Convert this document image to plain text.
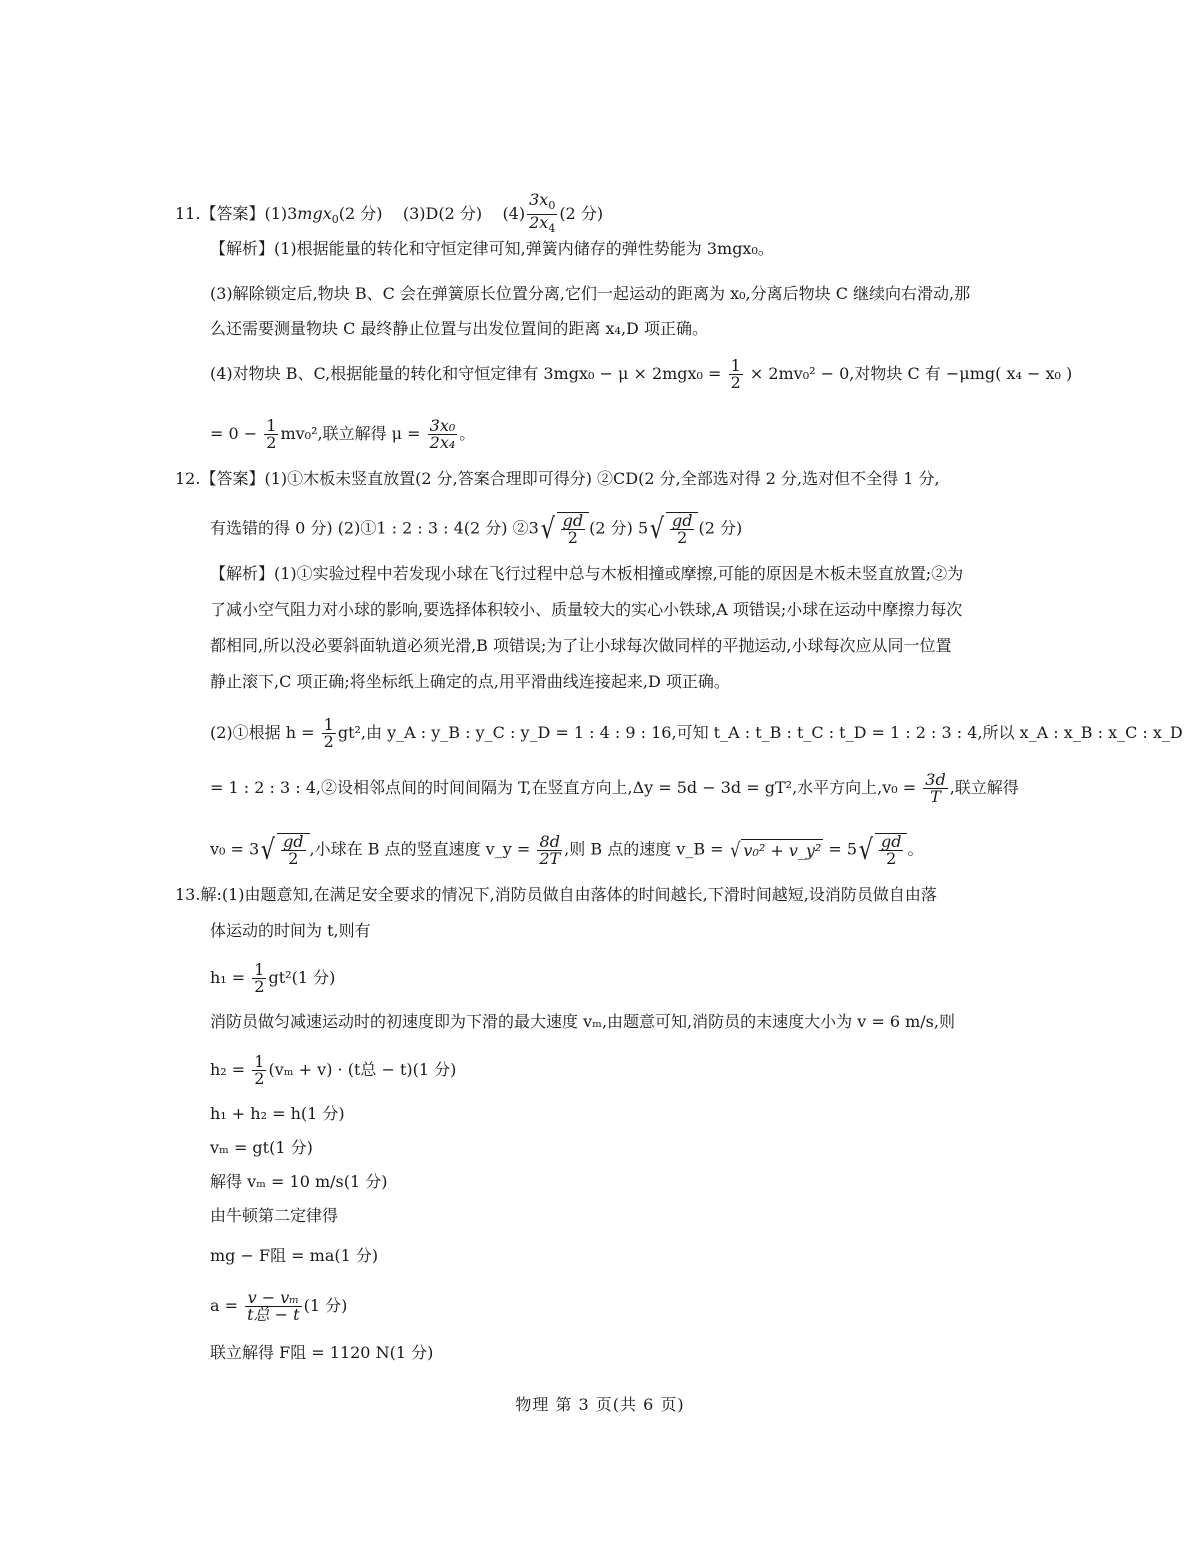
11.【答案】(1)3mgx$_0$(2 分) (3)D(2 分) $(4) \frac{3x_0}{2x_4} (2$ 分)
【解析】(1)根据能量的转化和守恒定律可知,弹簧内储存的弹性势能为 3mgx₀。
(3)解除锁定后,物块 B、C 会在弹簧原长位置分离,它们一起运动的距离为 x₀,分离后物块 C 继续向右滑动,那
么还需要测量物块 C 最终静止位置与出发位置间的距离 x₄,D 项正确。
(4)对物块 B、C,根据能量的转化和守恒定律有 $3mgx_0 - \mu \times 2mgx_0 = \frac{1}{2} \times 2mv_0^2 - 0$,对物块 C 有 −μmg( x₄ − x₀ )
= $0 - \frac{1}{2} mv_0^2$,联立解得 $\mu = \frac{\text{3x₀}}{\text{2x₄}}$ 。
12.【答案】(1)①木板未竖直放置(2 分,答案合理即可得分) ②CD(2 分,全部选对得 2 分,选对但不全得 1 分,
有选错的得 0 分) (2)①1 : 2 : 3 : 4(2 分) ②3√ $\frac{gd}{2} (2$ 分) $5√ \frac{gd}{2} (2$ 分)
【解析】(1)①实验过程中若发现小球在飞行过程中总与木板相撞或摩擦,可能的原因是木板未竖直放置;②为
了减小空气阻力对小球的影响,要选择体积较小、质量较大的实心小铁球,A 项错误;小球在运动中摩擦力每次
都相同,所以没必要斜面轨道必须光滑,B 项错误;为了让小球每次做同样的平抛运动,小球每次应从同一位置
静止滚下,C 项正确;将坐标纸上确定的点,用平滑曲线连接起来,D 项正确。
(2)①根据 $h = \frac{1}{2} gt^2$,由 y_A : y_B : y_C : y_D = 1 : 4 : 9 : 16,可知 t_A : t_B : t_C : t_D = 1 : 2 : 3 : 4,所以 x_A : x_B : x_C : x_D
= 1 : 2 : 3 : 4,②设相邻点间的时间间隔为 T,在竖直方向上,Δy = 5d − 3d = gT²,水平方向上$,v_0 = \frac{3d}{T}$ ,联立解得
$v_0 = 3√ \frac{gd}{2}$ ,小球在 B 点的竖直速度 v_y = $\frac{8d}{2T}$ ,则 B 点的速度 v_B = √ v₀² + v_y² = $5√ \frac{gd}{2}$ 。
13.解:(1)由题意知,在满足安全要求的情况下,消防员做自由落体的时间越长,下滑时间越短,设消防员做自由落
体运动的时间为 t,则有
$h_1 = \frac{1}{2} gt^2(1$ 分)
消防员做匀减速运动时的初速度即为下滑的最大速度 vₘ,由题意可知,消防员的末速度大小为 v = 6 m/s,则
$h_2 = \frac{1}{2} (v_m + v) \cdot (t$总 − t)(1 分)
h₁ + h₂ = h(1 分)
vₘ = gt(1 分)
解得 vₘ = 10 m/s(1 分)
由牛顿第二定律得
mg − F阻 = ma(1 分)
$a = \frac{\text{v − vₘ}}{\text{t总 − t}} (1$ 分)
联立解得 F阻 = 1120 N(1 分)
物理 第 3 页(共 6 页)
